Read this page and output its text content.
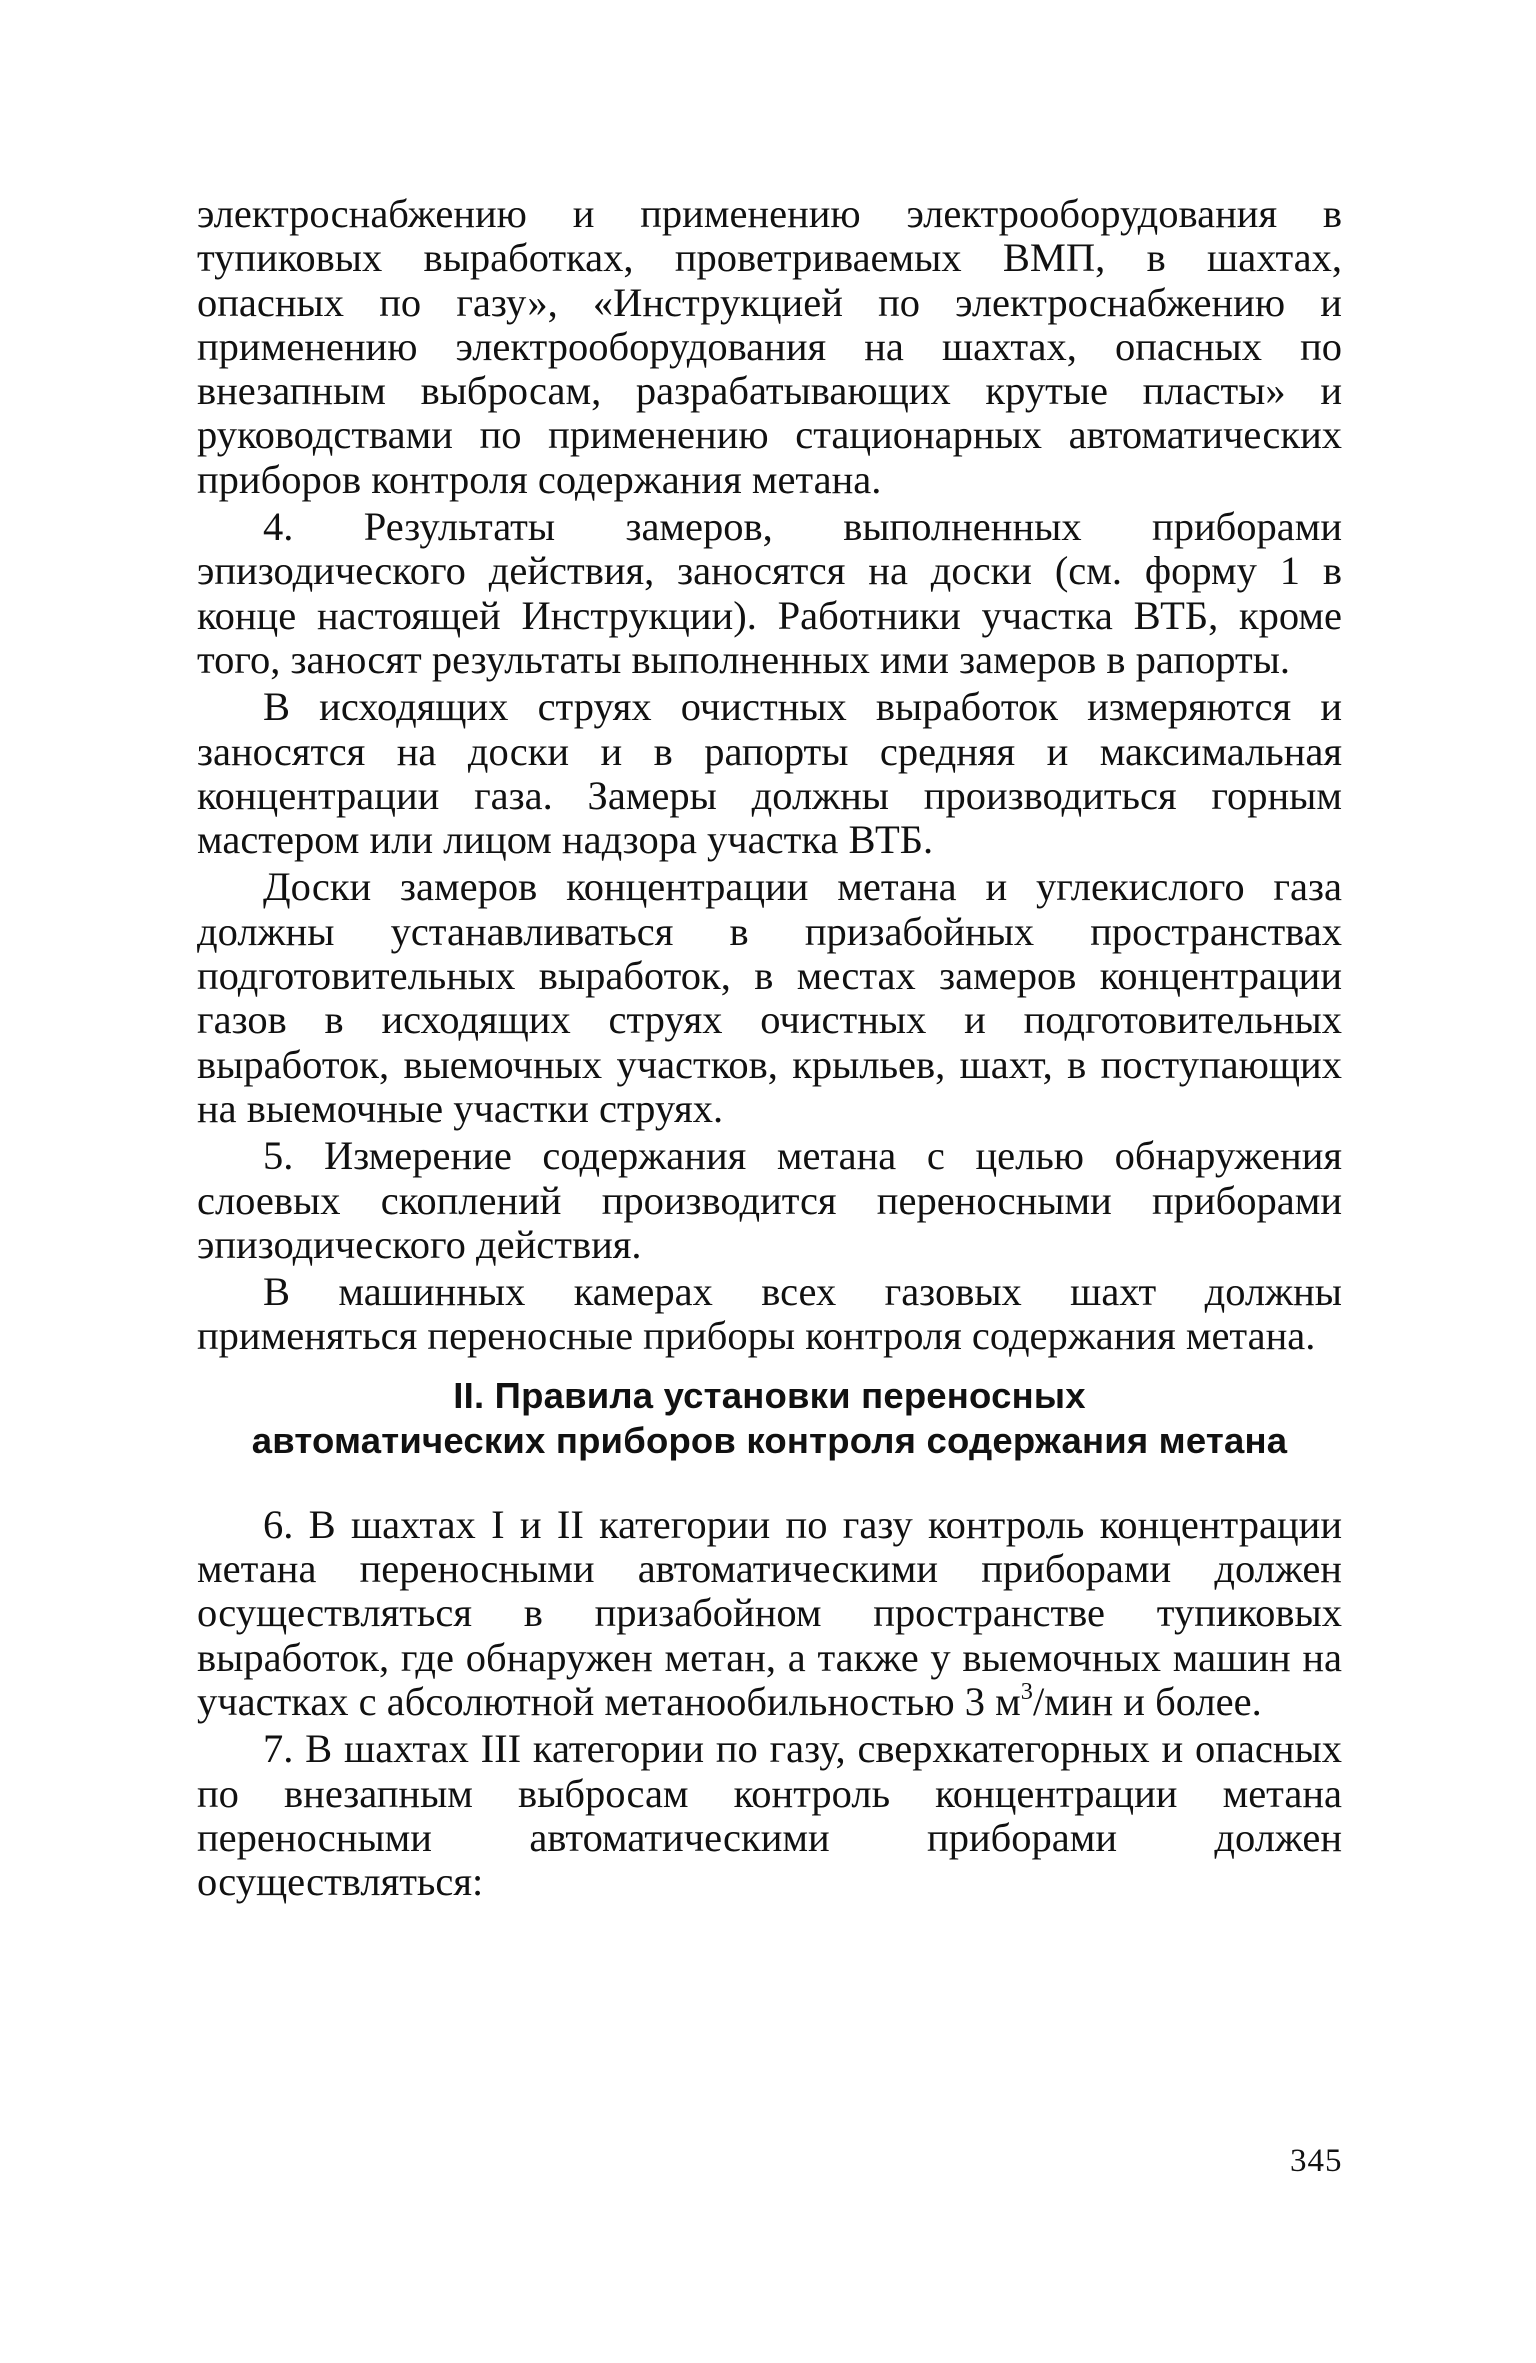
электроснабжению и применению электрооборудования в тупиковых выработках, проветриваемых ВМП, в шахтах, опасных по газу», «Инструкцией по электроснабжению и применению электрооборудования на шахтах, опасных по внезапным выбросам, разрабатывающих крутые пласты» и руководствами по применению стационарных автоматических приборов контроля содержания метана.

4. Результаты замеров, выполненных приборами эпизодического действия, заносятся на доски (см. форму 1 в конце настоящей Инструкции). Работники участка ВТБ, кроме того, заносят результаты выполненных ими замеров в рапорты.

В исходящих струях очистных выработок измеряются и заносятся на доски и в рапорты средняя и максимальная концентрации газа. Замеры должны производиться горным мастером или лицом надзора участка ВТБ.

Доски замеров концентрации метана и углекислого газа должны устанавливаться в призабойных пространствах подготовительных выработок, в местах замеров концентрации газов в исходящих струях очистных и подготовительных выработок, выемочных участков, крыльев, шахт, в поступающих на выемочные участки струях.

5. Измерение содержания метана с целью обнаружения слоевых скоплений производится переносными приборами эпизодического действия.

В машинных камерах всех газовых шахт должны применяться переносные приборы контроля содержания метана.

II. Правила установки переносных
автоматических приборов контроля содержания метана

6. В шахтах I и II категории по газу контроль концентрации метана переносными автоматическими приборами должен осуществляться в призабойном пространстве тупиковых выработок, где обнаружен метан, а также у выемочных машин на участках с абсолютной метанообильностью 3 $м^3$/мин и более.

7. В шахтах III категории по газу, сверхкатегорных и опасных по внезапным выбросам контроль концентрации метана переносными автоматическими приборами должен осуществляться:

345
